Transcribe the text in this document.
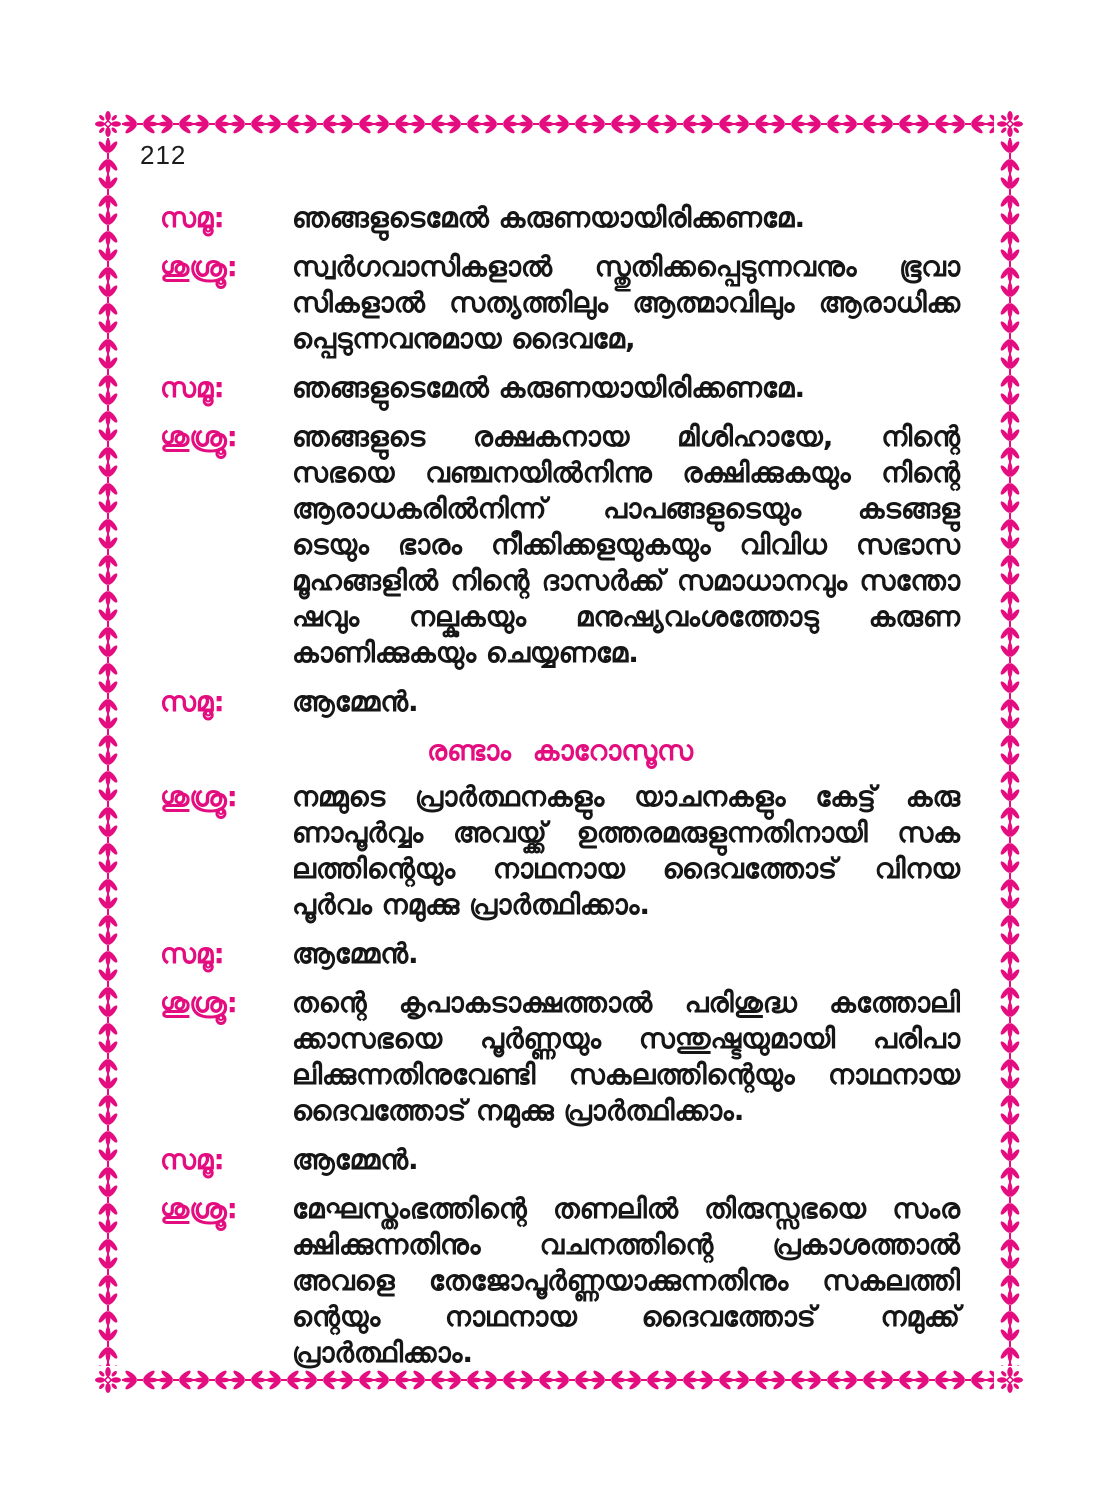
212
സമൂ:	ഞങ്ങളുടെമേൽ കരുണയായിരിക്കണമേ.
ശുശ്രൂ:	സ്വർഗവാസികളാൽ സ്തുതിക്കപ്പെടുന്നവനും ഭൂവാ
സികളാൽ സത്യത്തിലും ആത്മാവിലും ആരാധിക്ക
പ്പെടുന്നവനുമായ ദൈവമേ,
സമൂ:	ഞങ്ങളുടെമേൽ കരുണയായിരിക്കണമേ.
ശുശ്രൂ:	ഞങ്ങളുടെ രക്ഷകനായ മിശിഹായേ, നിന്റെ
സഭയെ വഞ്ചനയിൽനിന്നു രക്ഷിക്കുകയും നിന്റെ
ആരാധകരിൽനിന്ന് പാപങ്ങളുടെയും കടങ്ങളു
ടെയും ഭാരം നീക്കിക്കളയുകയും വിവിധ സഭാസ
മൂഹങ്ങളിൽ നിന്റെ ദാസർക്ക് സമാധാനവും സന്തോ
ഷവും നല്കുകയും മനുഷ്യവംശത്തോടു കരുണ
കാണിക്കുകയും ചെയ്യണമേ.
സമൂ:	ആമ്മേൻ.
രണ്ടാം കാറോസൂസ
ശുശ്രൂ:	നമ്മുടെ പ്രാർത്ഥനകളും യാചനകളും കേട്ട് കരു
ണാപൂർവ്വം അവയ്ക്ക് ഉത്തരമരുളുന്നതിനായി സക
ലത്തിന്റെയും നാഥനായ ദൈവത്തോട് വിനയ
പൂർവം നമുക്കു പ്രാർത്ഥിക്കാം.
സമൂ:	ആമ്മേൻ.
ശുശ്രൂ:	തന്റെ കൃപാകടാക്ഷത്താൽ പരിശുദ്ധ കത്തോലി
ക്കാസഭയെ പൂർണ്ണയും സന്തുഷ്ടയുമായി പരിപാ
ലിക്കുന്നതിനുവേണ്ടി സകലത്തിന്റെയും നാഥനായ
ദൈവത്തോട് നമുക്കു പ്രാർത്ഥിക്കാം.
സമൂ:	ആമ്മേൻ.
ശുശ്രൂ:	മേഘസ്തംഭത്തിന്റെ തണലിൽ തിരുസ്സഭയെ സംര
ക്ഷിക്കുന്നതിനും വചനത്തിന്റെ പ്രകാശത്താൽ
അവളെ തേജോപൂർണ്ണയാക്കുന്നതിനും സകലത്തി
ന്റെയും നാഥനായ ദൈവത്തോട് നമുക്ക്
പ്രാർത്ഥിക്കാം.
